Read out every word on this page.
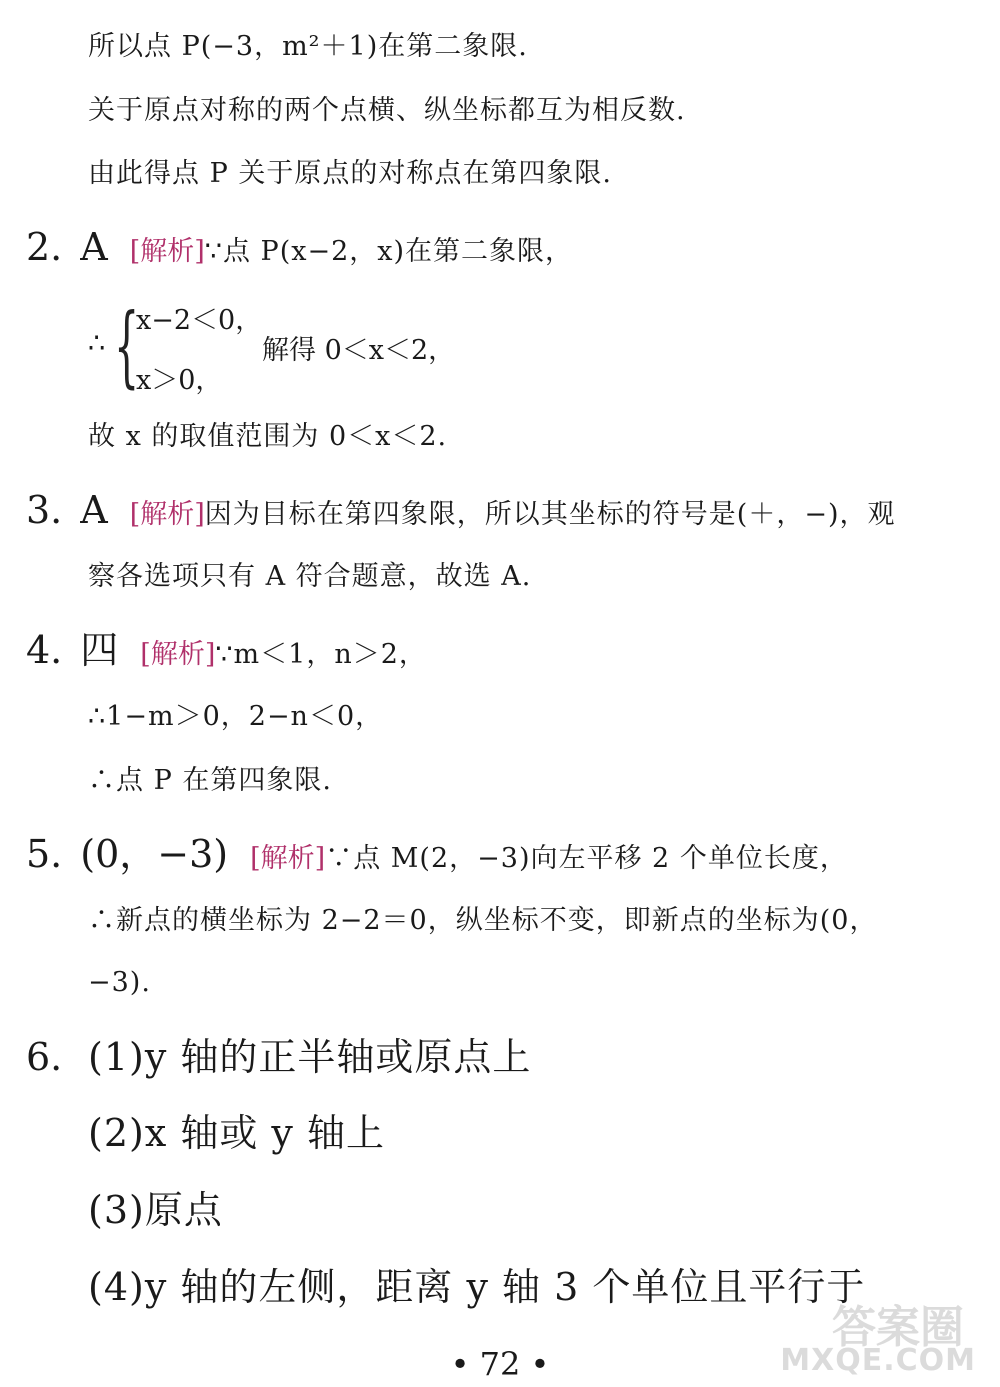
所以点 P(−3，m²＋1)在第二象限.
关于原点对称的两个点横、纵坐标都互为相反数.
由此得点 P 关于原点的对称点在第四象限.
2. A [解析]∵点 P(x−2，x)在第二象限，
∴ {
x−2＜0，
x＞0，
解得 0＜x＜2，
故 x 的取值范围为 0＜x＜2.
3. A [解析]因为目标在第四象限，所以其坐标的符号是(＋，−)，观
察各选项只有 A 符合题意，故选 A.
4. 四 [解析]∵m＜1，n＞2，
∴1−m＞0，2−n＜0，
∴点 P 在第四象限.
5. (0，−3) [解析]∵点 M(2，−3)向左平移 2 个单位长度，
∴新点的横坐标为 2−2＝0，纵坐标不变，即新点的坐标为(0，
−3).
6. (1)y 轴的正半轴或原点上
(2)x 轴或 y 轴上
(3)原点
(4)y 轴的左侧，距离 y 轴 3 个单位且平行于
• 72 •
答案圈
MXQE.COM
